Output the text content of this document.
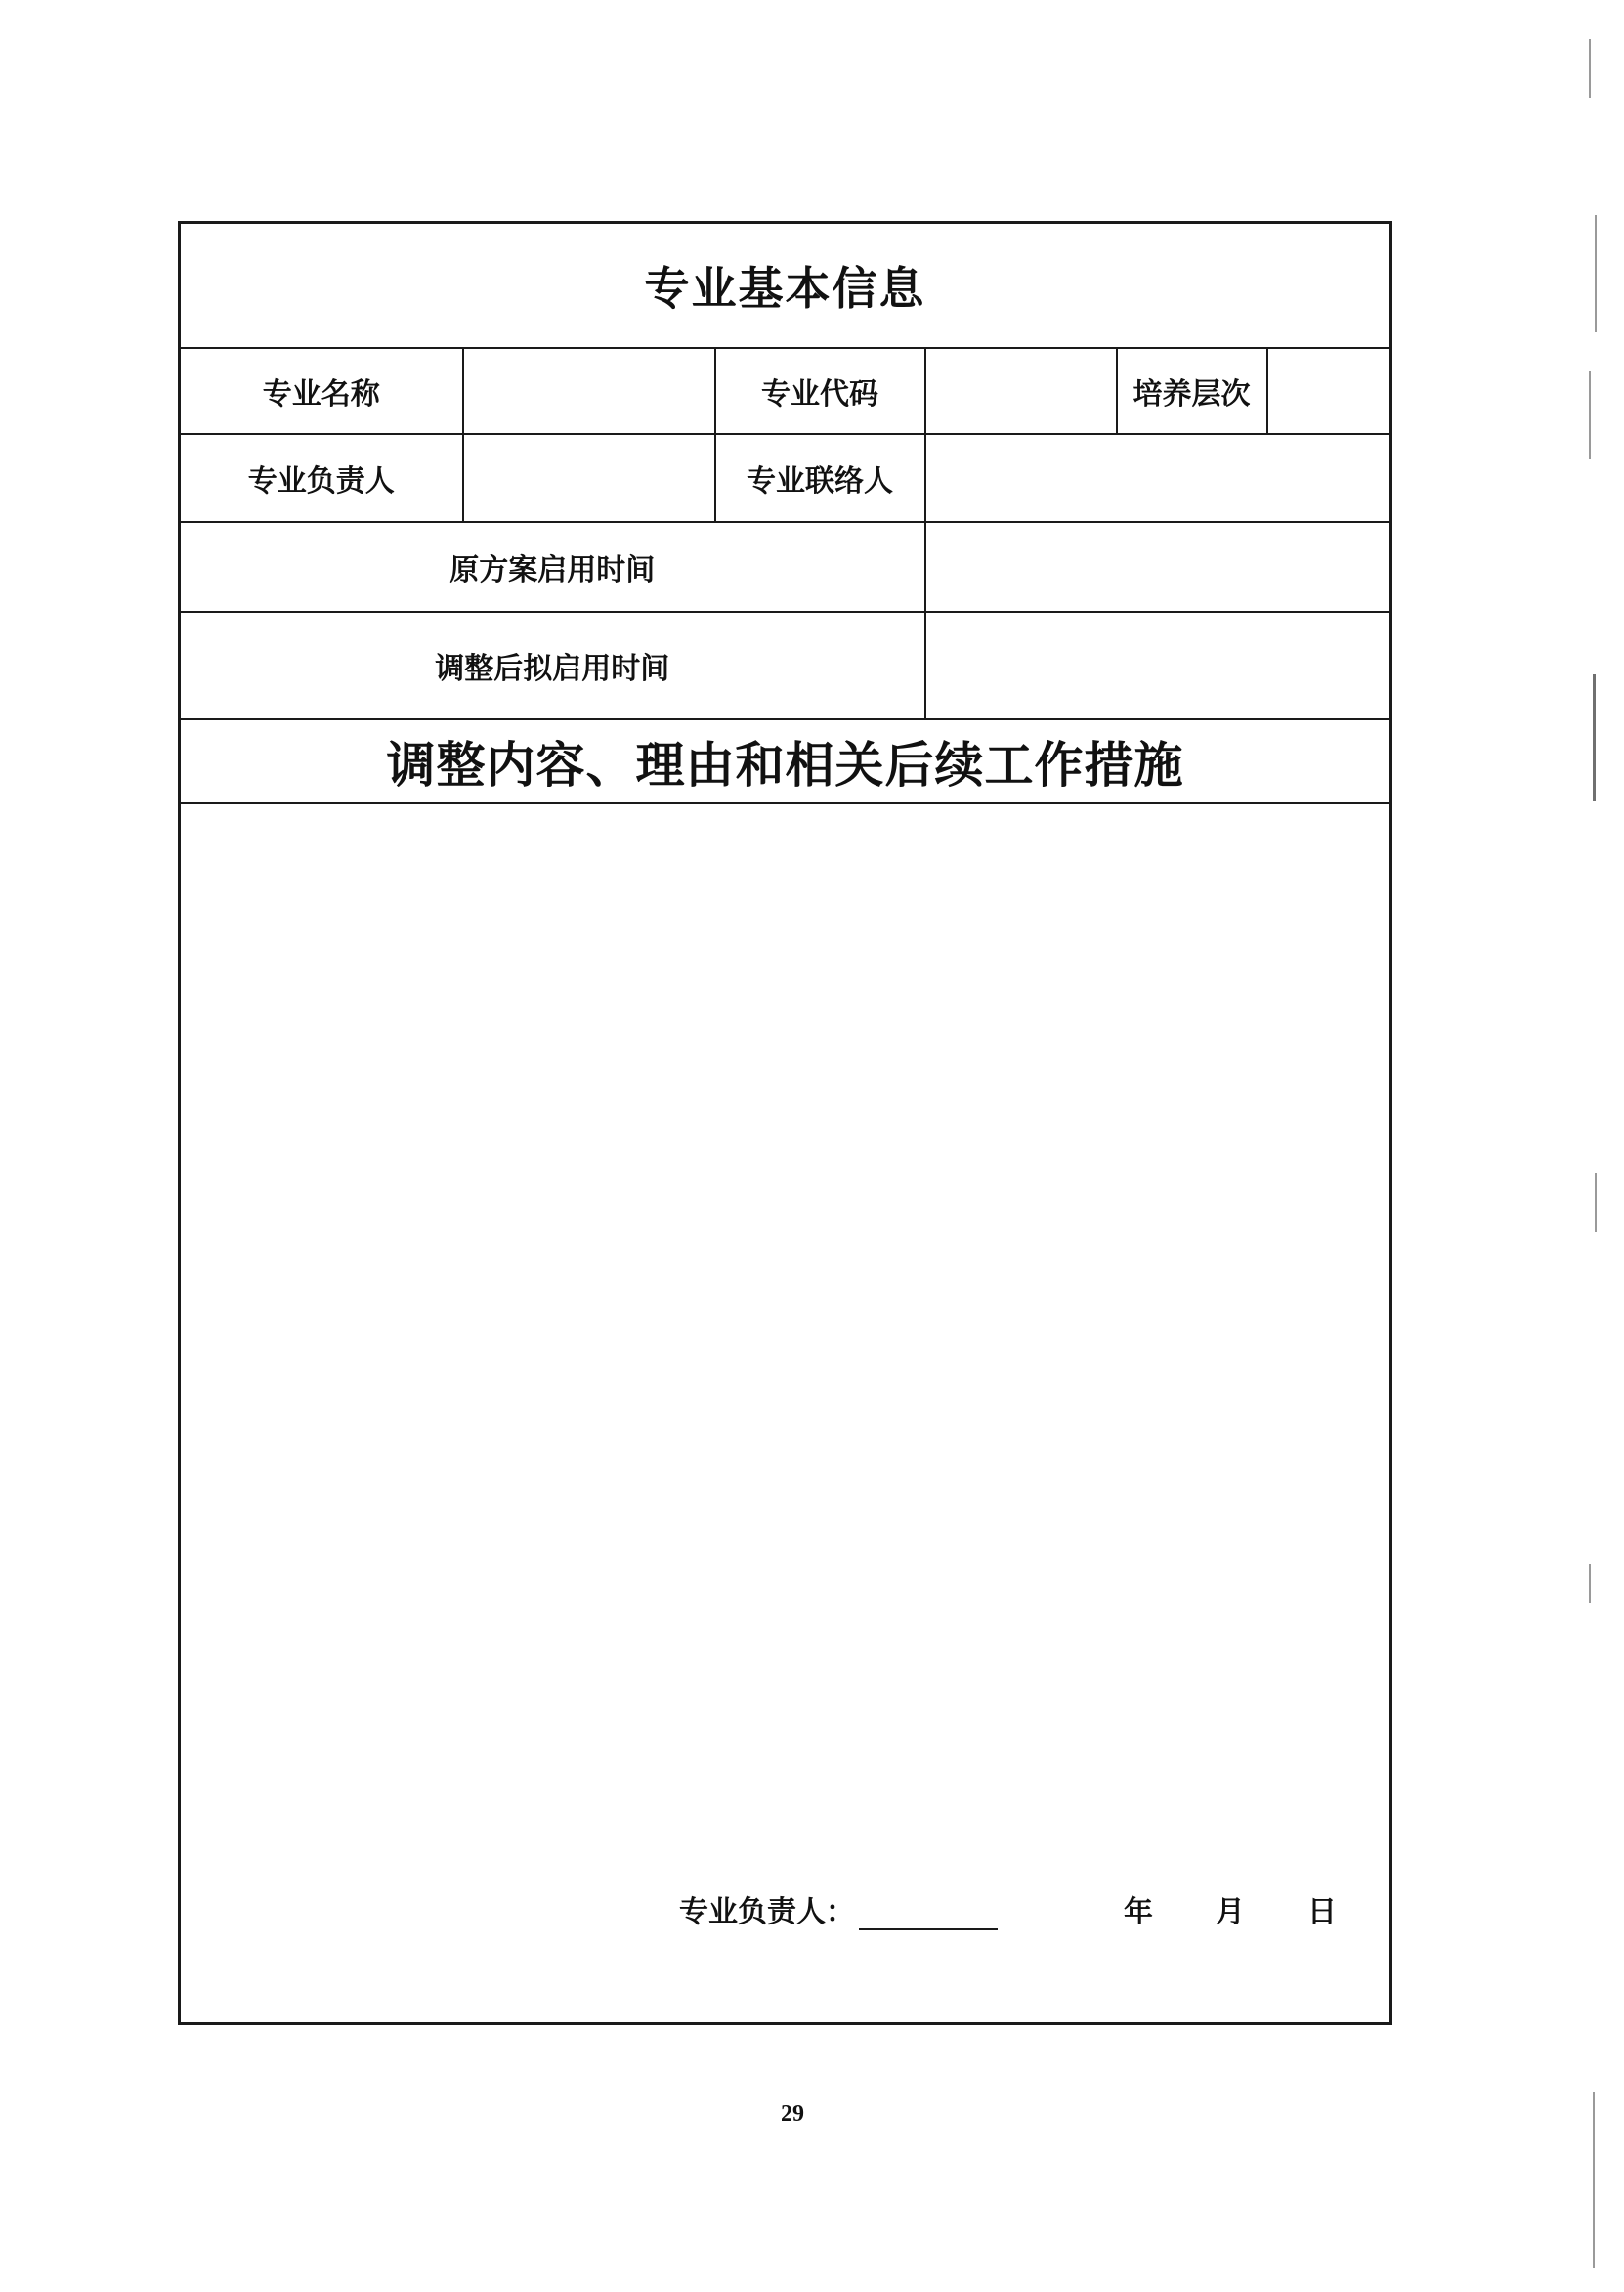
专业基本信息					
专业名称		专业代码		培养层次	
专业负责人		专业联络人			
原方案启用时间					
调整后拟启用时间					
调整内容、理由和相关后续工作措施					

专业负责人： 年 月 日					
29
